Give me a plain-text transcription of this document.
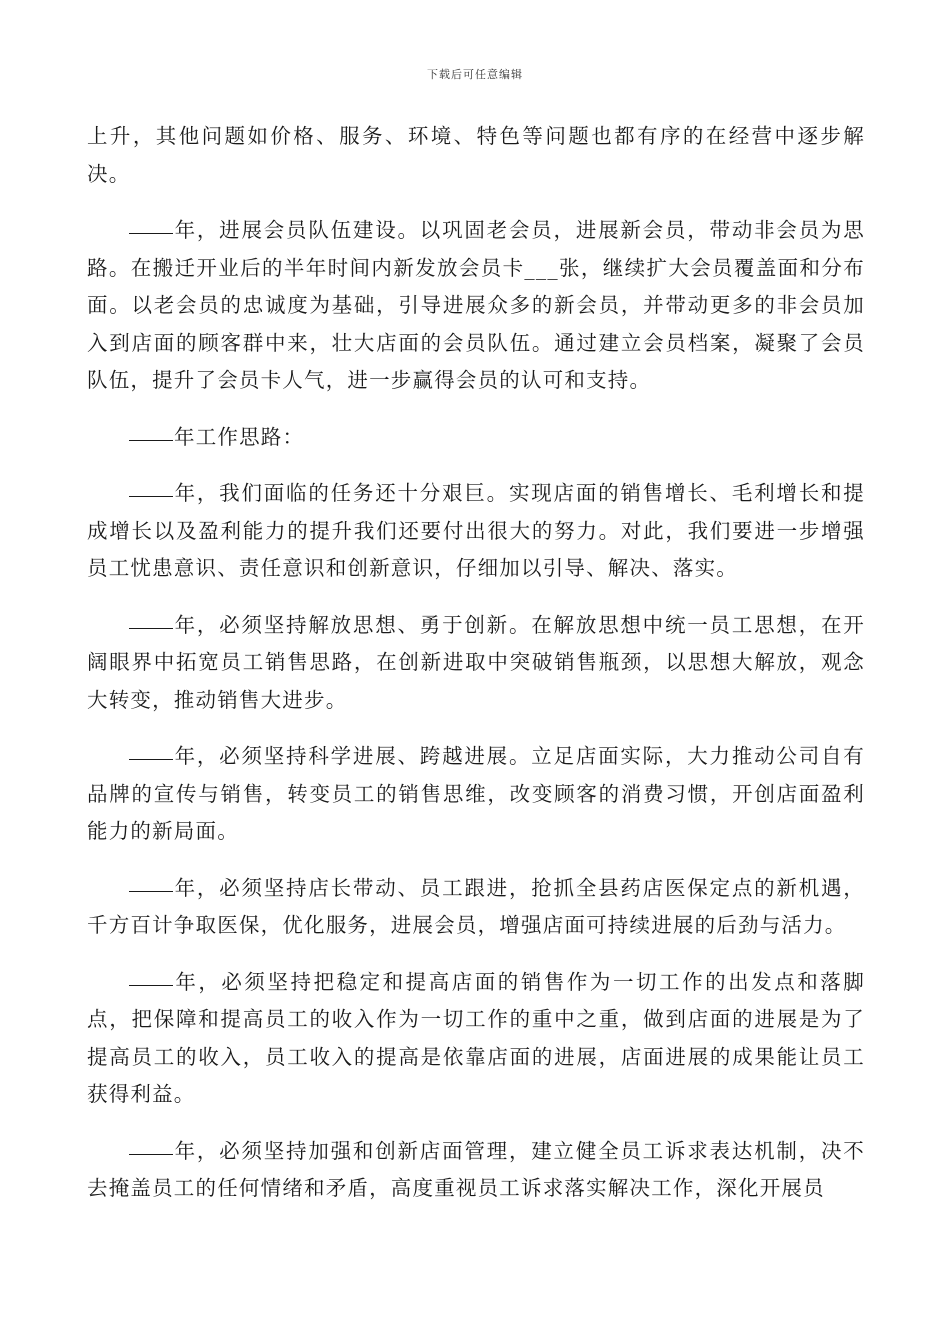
下载后可任意编辑

上升，其他问题如价格、服务、环境、特色等问题也都有序的在经营中逐步解决。

年，进展会员队伍建设。以巩固老会员，进展新会员，带动非会员为思路。在搬迁开业后的半年时间内新发放会员卡___张，继续扩大会员覆盖面和分布面。以老会员的忠诚度为基础，引导进展众多的新会员，并带动更多的非会员加入到店面的顾客群中来，壮大店面的会员队伍。通过建立会员档案，凝聚了会员队伍，提升了会员卡人气，进一步赢得会员的认可和支持。

年工作思路：

年，我们面临的任务还十分艰巨。实现店面的销售增长、毛利增长和提成增长以及盈利能力的提升我们还要付出很大的努力。对此，我们要进一步增强员工忧患意识、责任意识和创新意识，仔细加以引导、解决、落实。

年，必须坚持解放思想、勇于创新。在解放思想中统一员工思想，在开阔眼界中拓宽员工销售思路，在创新进取中突破销售瓶颈，以思想大解放，观念大转变，推动销售大进步。

年，必须坚持科学进展、跨越进展。立足店面实际，大力推动公司自有品牌的宣传与销售，转变员工的销售思维，改变顾客的消费习惯，开创店面盈利能力的新局面。

年，必须坚持店长带动、员工跟进，抢抓全县药店医保定点的新机遇，千方百计争取医保，优化服务，进展会员，增强店面可持续进展的后劲与活力。

年，必须坚持把稳定和提高店面的销售作为一切工作的出发点和落脚点，把保障和提高员工的收入作为一切工作的重中之重，做到店面的进展是为了提高员工的收入，员工收入的提高是依靠店面的进展，店面进展的成果能让员工获得利益。

年，必须坚持加强和创新店面管理，建立健全员工诉求表达机制，决不去掩盖员工的任何情绪和矛盾，高度重视员工诉求落实解决工作，深化开展员
